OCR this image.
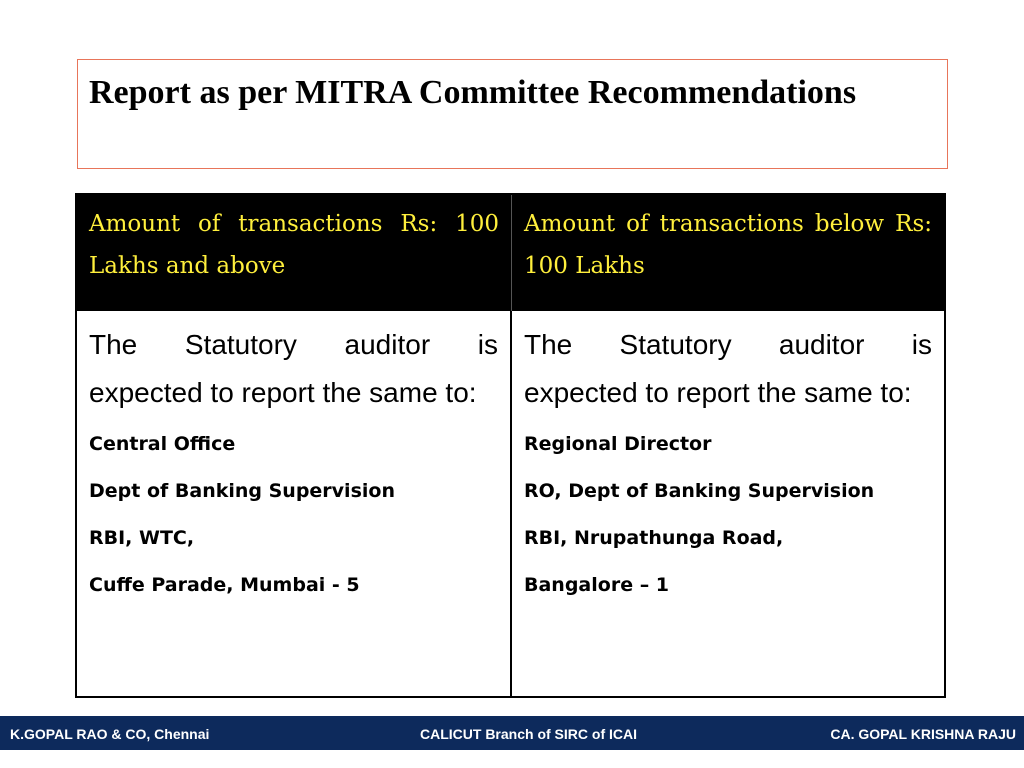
Report as per MITRA Committee Recommendations
Amount of transactions Rs: 100 Lakhs and above
Amount of transactions below Rs: 100 Lakhs

The Statutory auditor is expected to report the same to:

Central Office

Dept of Banking Supervision

RBI, WTC,

Cuffe Parade, Mumbai - 5

The Statutory auditor is expected to report the same to:

Regional Director

RO, Dept of Banking Supervision

RBI, Nrupathunga Road,

Bangalore – 1

K.GOPAL RAO & CO, Chennai	CALICUT Branch of SIRC of ICAI	CA. GOPAL KRISHNA RAJU
